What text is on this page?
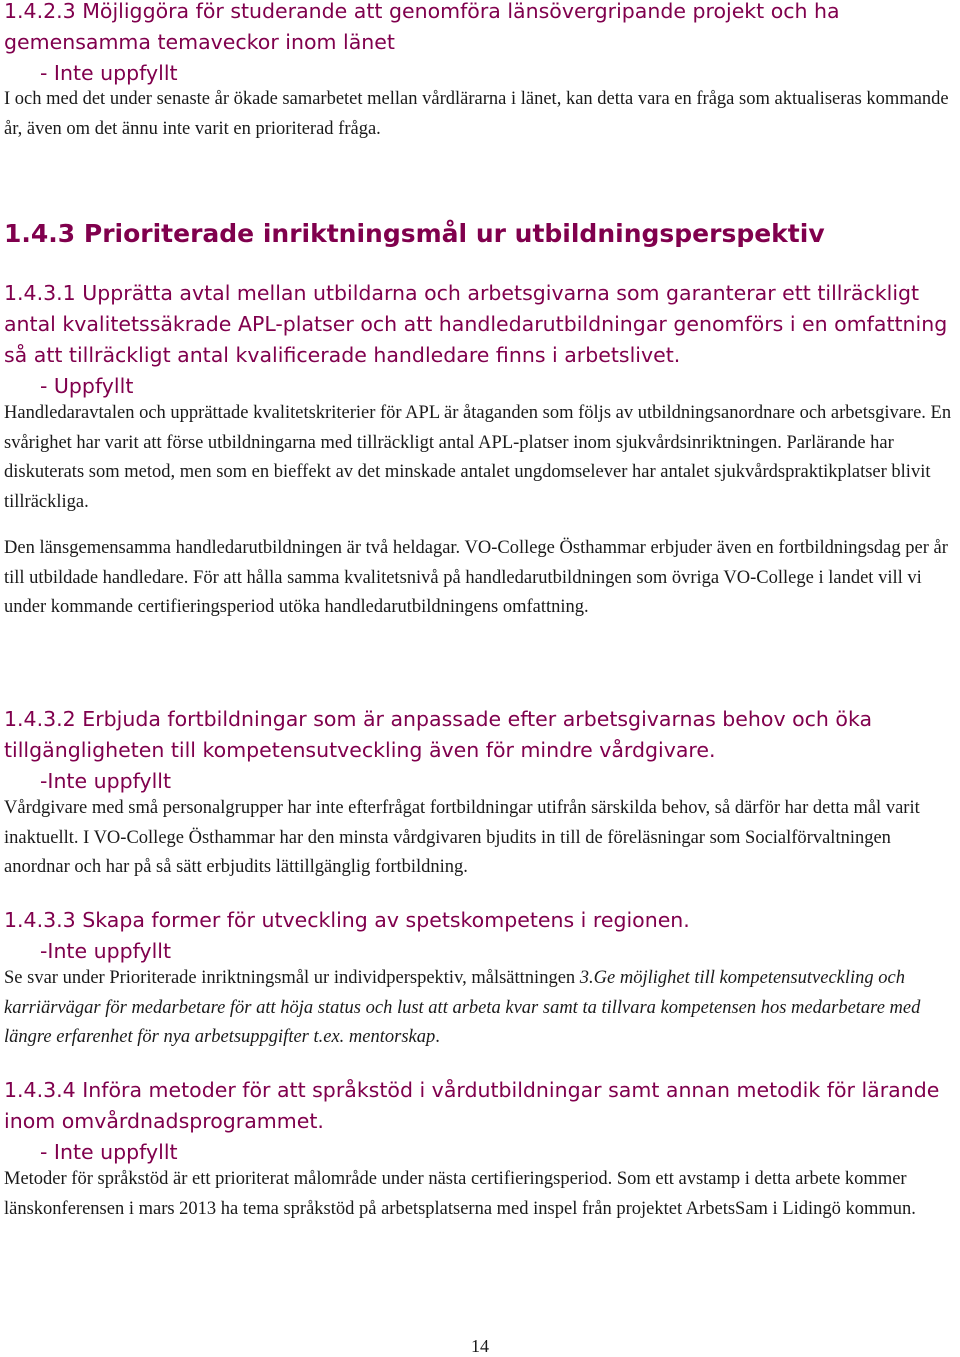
1.4.2.3 Möjliggöra för studerande att genomföra länsövergripande projekt och ha gemensamma temaveckor inom länet

- Inte uppfyllt

I och med det under senaste år ökade samarbetet mellan vårdlärarna i länet, kan detta vara en fråga som aktualiseras kommande år, även om det ännu inte varit en prioriterad fråga.

1.4.3 Prioriterade inriktningsmål ur utbildningsperspektiv

1.4.3.1 Upprätta avtal mellan utbildarna och arbetsgivarna som garanterar ett tillräckligt antal kvalitetssäkrade APL-platser och att handledarutbildningar genomförs i en omfattning så att tillräckligt antal kvalificerade handledare finns i arbetslivet.

- Uppfyllt

Handledaravtalen och upprättade kvalitetskriterier för APL är åtaganden som följs av utbildningsanordnare och arbetsgivare. En svårighet har varit att förse utbildningarna med tillräckligt antal APL-platser inom sjukvårdsinriktningen. Parlärande har diskuterats som metod, men som en bieffekt av det minskade antalet ungdomselever har antalet sjukvårdspraktikplatser blivit tillräckliga.

Den länsgemensamma handledarutbildningen är två heldagar. VO-College Östhammar erbjuder även en fortbildningsdag per år till utbildade handledare. För att hålla samma kvalitetsnivå på handledarutbildningen som övriga VO-College i landet vill vi under kommande certifieringsperiod utöka handledarutbildningens omfattning.

1.4.3.2 Erbjuda fortbildningar som är anpassade efter arbetsgivarnas behov och öka tillgängligheten till kompetensutveckling även för mindre vårdgivare.

-Inte uppfyllt

Vårdgivare med små personalgrupper har inte efterfrågat fortbildningar utifrån särskilda behov, så därför har detta mål varit inaktuellt. I VO-College Östhammar har den minsta vårdgivaren bjudits in till de föreläsningar som Socialförvaltningen anordnar och har på så sätt erbjudits lättillgänglig fortbildning.

1.4.3.3 Skapa former för utveckling av spetskompetens i regionen.

-Inte uppfyllt

Se svar under Prioriterade inriktningsmål ur individperspektiv, målsättningen 3.Ge möjlighet till kompetensutveckling och karriärvägar för medarbetare för att höja status och lust att arbeta kvar samt ta tillvara kompetensen hos medarbetare med längre erfarenhet för nya arbetsuppgifter t.ex. mentorskap.

1.4.3.4 Införa metoder för att språkstöd i vårdutbildningar samt annan metodik för lärande inom omvårdnadsprogrammet.

- Inte uppfyllt

Metoder för språkstöd är ett prioriterat målområde under nästa certifieringsperiod. Som ett avstamp i detta arbete kommer länskonferensen i mars 2013 ha tema språkstöd på arbetsplatserna med inspel från projektet ArbetsSam i Lidingö kommun.

14
